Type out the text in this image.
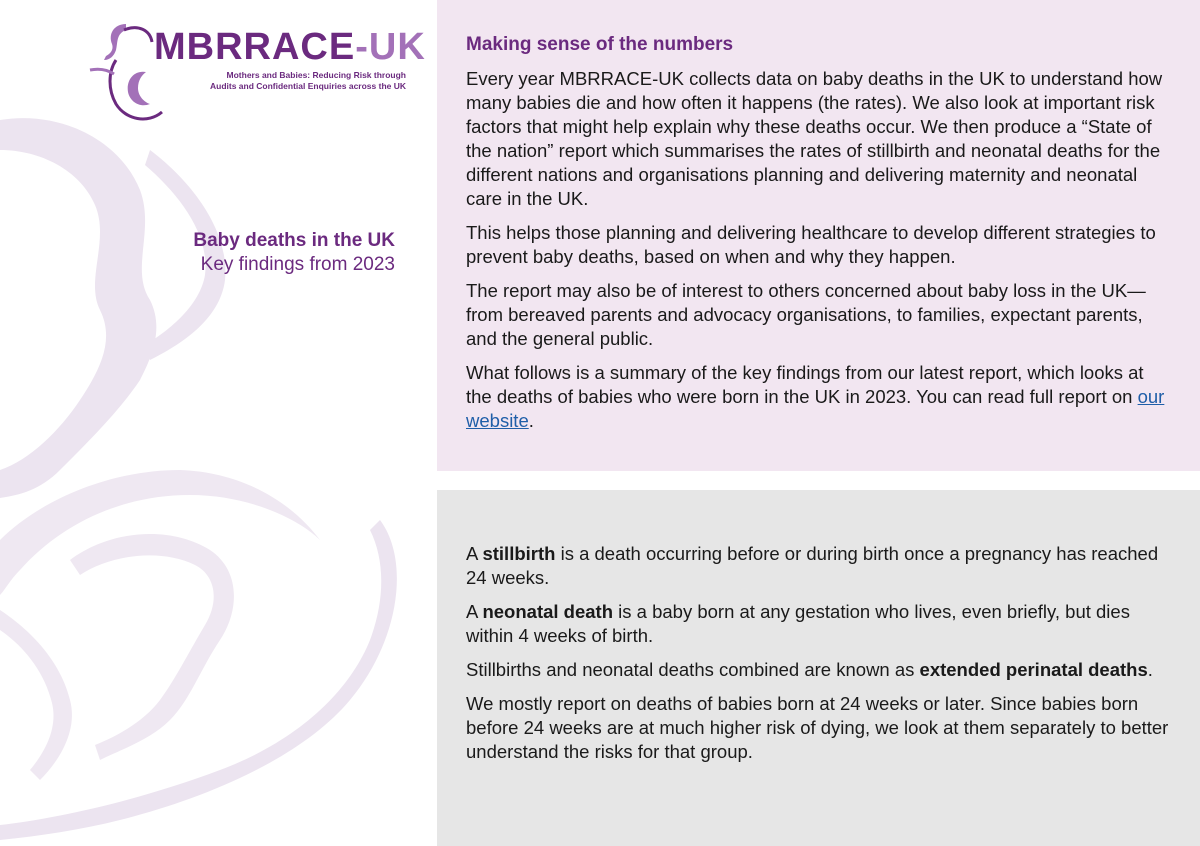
MBRRACE-UK
Mothers and Babies: Reducing Risk through
Audits and Confidential Enquiries across the UK
Baby deaths in the UK
Key findings from 2023
Making sense of the numbers

Every year MBRRACE-UK collects data on baby deaths in the UK to understand how many babies die and how often it happens (the rates). We also look at important risk factors that might help explain why these deaths occur. We then produce a “State of the nation” report which summarises the rates of stillbirth and neonatal deaths for the different nations and organisations planning and delivering maternity and neonatal care in the UK.

This helps those planning and delivering healthcare to develop different strategies to prevent baby deaths, based on when and why they happen.

The report may also be of interest to others concerned about baby loss in the UK—from bereaved parents and advocacy organisations, to families, expectant parents, and the general public.

What follows is a summary of the key findings from our latest report, which looks at the deaths of babies who were born in the UK in 2023. You can read full report on our website.

A stillbirth is a death occurring before or during birth once a pregnancy has reached 24 weeks.

A neonatal death is a baby born at any gestation who lives, even briefly, but dies within 4 weeks of birth.

Stillbirths and neonatal deaths combined are known as extended perinatal deaths.

We mostly report on deaths of babies born at 24 weeks or later. Since babies born before 24 weeks are at much higher risk of dying, we look at them separately to better understand the risks for that group.
